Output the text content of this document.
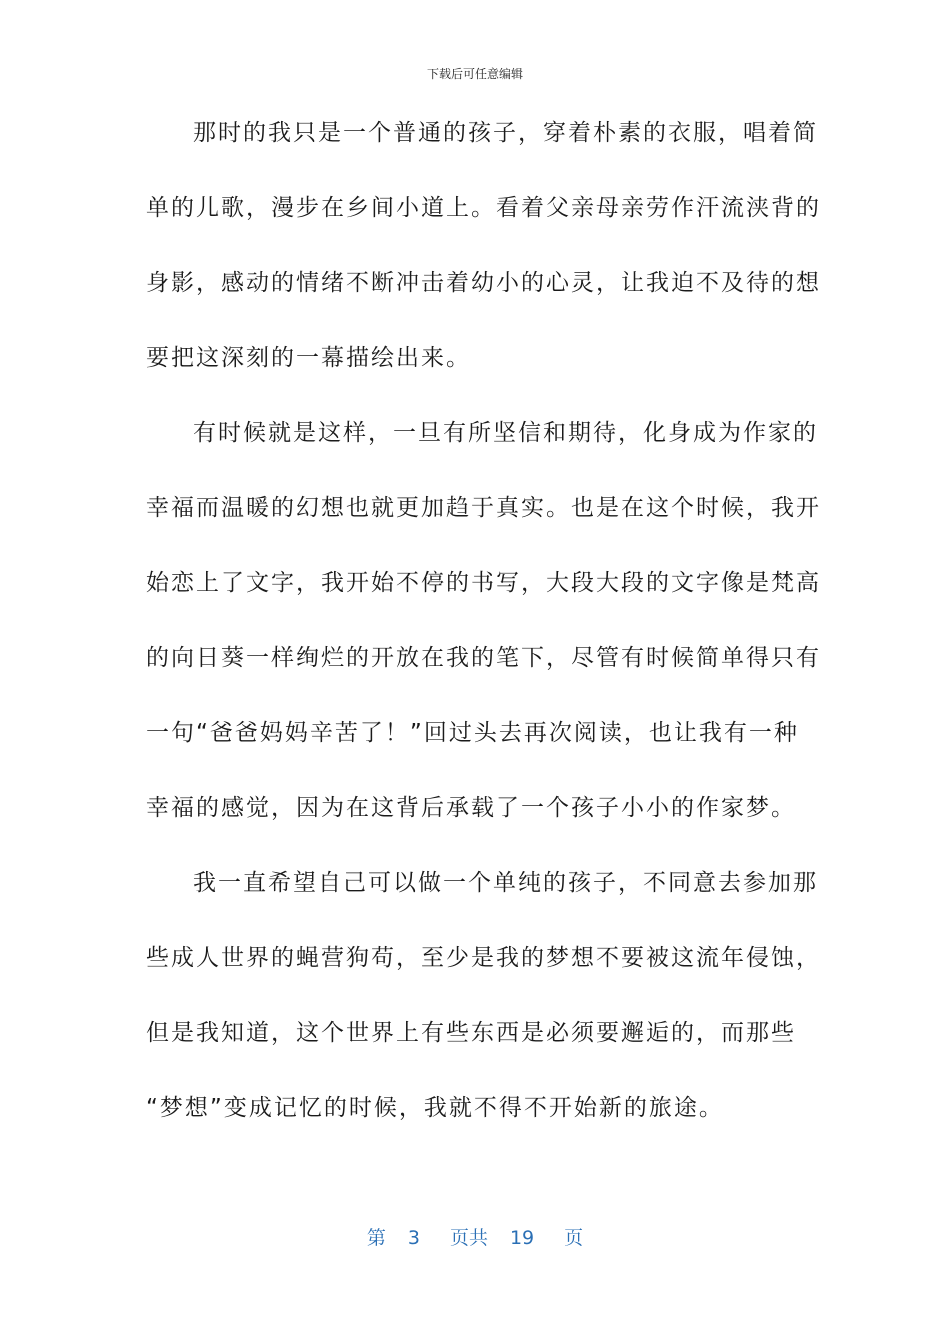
下载后可任意编辑
那时的我只是一个普通的孩子，穿着朴素的衣服，唱着简
单的儿歌，漫步在乡间小道上。看着父亲母亲劳作汗流浃背的
身影，感动的情绪不断冲击着幼小的心灵，让我迫不及待的想
要把这深刻的一幕描绘出来。
有时候就是这样，一旦有所坚信和期待，化身成为作家的
幸福而温暖的幻想也就更加趋于真实。也是在这个时候，我开
始恋上了文字，我开始不停的书写，大段大段的文字像是梵高
的向日葵一样绚烂的开放在我的笔下，尽管有时候简单得只有
一句“爸爸妈妈辛苦了！”回过头去再次阅读，也让我有一种
幸福的感觉，因为在这背后承载了一个孩子小小的作家梦。
我一直希望自己可以做一个单纯的孩子，不同意去参加那
些成人世界的蝇营狗苟，至少是我的梦想不要被这流年侵蚀，
但是我知道，这个世界上有些东西是必须要邂逅的，而那些
“梦想”变成记忆的时候，我就不得不开始新的旅途。
第 3 页共 19 页
